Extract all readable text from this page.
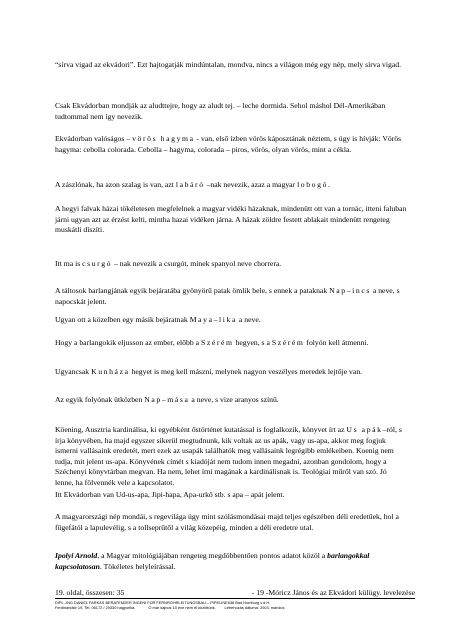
“sírva vigad az ekvádori”. Ezt hajtogatják mindúntalan, mondva, nincs a világon még egy nép, mely sírva vigad.

Csak Ekvádorban mondják az aludttejre, hogy az aludt tej. – leche dormida. Sehol máshol Dél-Amerikában tudtommal nem így nevezik.

Ekvádorban valóságos – vörös hagyma - van, első ízben vörös káposztának néztem, s úgy is hívják: Vörös hagyma: cebolla colorada. Cebolla – hagyma, colorada – piros, vörös, olyan vörös, mint a cékla.

A zászlónak, ha azon szalag is van, azt labáró –nak nevezik, azaz a magyar lobogó.

A hegyi falvak házai tökéletesen megfelelnek a magyar vidéki házaknak, mindenütt ott van a tornác, itteni faluban járni ugyan azt az érzést kelti, mintha hazai vidéken járna. A házak zöldre festett ablakait mindenütt rengeteg muskátli díszíti.

Itt ma is csurgó – nak nevezik a csurgót, minek spanyol neve chorrera.

A táltosok barlangjának egyik bejáratába gyönyörű patak ömlik bele, s ennek a pataknak Nap–incs a neve, s napocskát jelent.

Ugyan ott a közelben egy másik bejáratnak Maya–lika a neve.

Hogy a barlangokik eljusson az ember, előbb a Szérém hegyen, s a Szérém folyón kell átmenni.

Ugyancsak Kunháza hegyet is meg kell mászni, melynek nagyon veszélyes meredek lejtője van.

Az egyik folyónak ütközben Nap–mása a neve, s vize aranyos színű.

Köening, Ausztria kardinálisa, ki egyébként őstörténet kutatással is foglalkozik, könyvet írt az Us apák–ról, s írja könyvében, ha majd egyszer sikerül megtudnunk, kik voltak az us apák, vagy us-apa, akkor meg fogjuk ismerni vallásaink eredetét, mert ezek az usapák találhatók meg vallásaink legrégibb emlékeiben. Koenig nem tudja, mit jelent us-apa. Könyvének címét s kiadóját nem tudom innen megadni, azonban gondolom, hogy a Széchenyi könyvtárban megvan. Ha nem, lehet írni magának a kardinálisnak is. Teológiai műről van szó. Jó lenne, ha fölvennék vele a kapcsolatot.

Itt Ekvádorban van Ud-us-apa, Jipi-hapa, Apa-urkő stb. s apa – apát jelent.

A magyarországi nép mondái, s regevilága úgy mint szólásmondásai majd teljes egészében déli eredetűek, hol a fűgefától a lapulevélig, s a tollseprűtől a világ közepéig, minden a déli eredetre utal.

Ipolyi Arnold, a Magyar mitológiájában rengeteg megdöbbentően pontos adatot közöl a barlangokkal kapcsolatosan. Tökéletes helyleírással.

19. oldal, összesen: 35	- 19 -Móricz János és az Ekvádori külügy. levelezése
DIPL.-ING DANIEL FARKAS BERATENDER INGENI FÜR FERNROHRLEITUNGSBAU – PIPELINE638 Bad Homburg v.d.H.
Ferdinandstr 19, Tel. 06172 / 29330 hagyurika.            Ó már sajnos 10 éve nem él közöttünk.        Létrehozás dátuma: 2003. március
